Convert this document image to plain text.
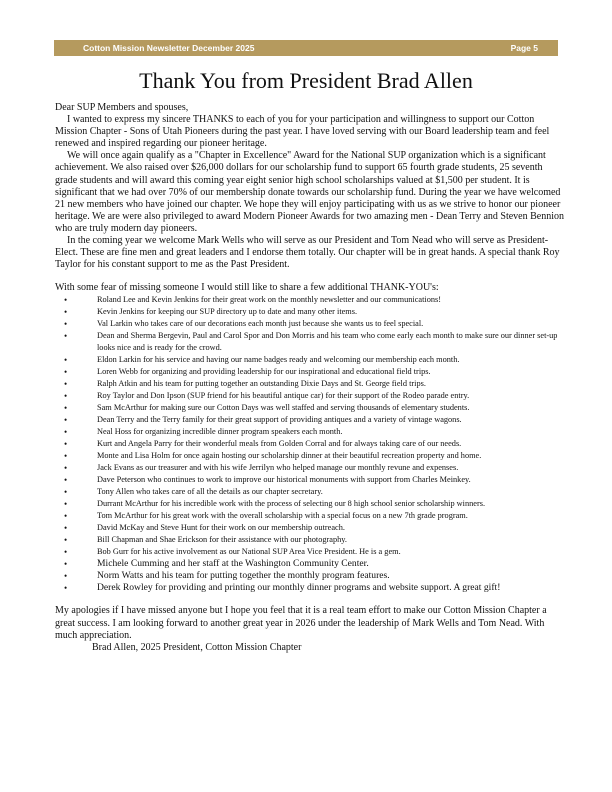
Cotton Mission Newsletter December 2025	Page 5
Thank You from President Brad Allen

Dear SUP Members and spouses,

I wanted to express my sincere THANKS to each of you for your participation and willingness to support our Cotton Mission Chapter - Sons of Utah Pioneers during the past year. I have loved serving with our Board leadership team and feel renewed and inspired regarding our pioneer heritage.

We will once again qualify as a "Chapter in Excellence" Award for the National SUP organization which is a significant achievement. We also raised over $26,000 dollars for our scholarship fund to support 65 fourth grade students, 25 seventh grade students and will award this coming year eight senior high school scholarships valued at $1,500 per student. It is significant that we had over 70% of our membership donate towards our scholarship fund. During the year we have welcomed 21 new members who have joined our chapter. We hope they will enjoy participating with us as we strive to honor our pioneer heritage. We are were also privileged to award Modern Pioneer Awards for two amazing men - Dean Terry and Steven Bennion who are truly modern day pioneers.

In the coming year we welcome Mark Wells who will serve as our President and Tom Nead who will serve as President-Elect. These are fine men and great leaders and I endorse them totally. Our chapter will be in great hands. A special thank Roy Taylor for his constant support to me as the Past President.

With some fear of missing someone I would still like to share a few additional THANK-YOU's:

• Roland Lee and Kevin Jenkins for their great work on the monthly newsletter and our communications!
• Kevin Jenkins for keeping our SUP directory up to date and many other items.
• Val Larkin who takes care of our decorations each month just because she wants us to feel special.
• Dean and Sherma Bergevin, Paul and Carol Spor and Don Morris and his team who come early each month to make sure our dinner set-up looks nice and is ready for the crowd.
• Eldon Larkin for his service and having our name badges ready and welcoming our membership each month.
• Loren Webb for organizing and providing leadership for our inspirational and educational field trips.
• Ralph Atkin and his team for putting together an outstanding Dixie Days and St. George field trips.
• Roy Taylor and Don Ipson (SUP friend for his beautiful antique car) for their support of the Rodeo parade entry.
• Sam McArthur for making sure our Cotton Days was well staffed and serving thousands of elementary students.
• Dean Terry and the Terry family for their great support of providing antiques and a variety of vintage wagons.
• Neal Hoss for organizing incredible dinner program speakers each month.
• Kurt and Angela Parry for their wonderful meals from Golden Corral and for always taking care of our needs.
• Monte and Lisa Holm for once again hosting our scholarship dinner at their beautiful recreation property and home.
• Jack Evans as our treasurer and with his wife Jerrilyn who helped manage our monthly revune and expenses.
• Dave Peterson who continues to work to improve our historical monuments with support from Charles Meinkey.
• Tony Allen who takes care of all the details as our chapter secretary.
• Durrant McArthur for his incredible work with the process of selecting our 8 high school senior scholarship winners.
• Tom McArthur for his great work with the overall scholarship with a special focus on a new 7th grade program.
• David McKay and Steve Hunt for their work on our membership outreach.
• Bill Chapman and Shae Erickson for their assistance with our photography.
• Bob Gurr for his active involvement as our National SUP Area Vice President. He is a gem.
• Michele Cumming and her staff at the Washington Community Center.
• Norm Watts and his team for putting together the monthly program features.
• Derek Rowley for providing and printing our monthly dinner programs and website support. A great gift!

My apologies if I have missed anyone but I hope you feel that it is a real team effort to make our Cotton Mission Chapter a great success. I am looking forward to another great year in 2026 under the leadership of Mark Wells and Tom Nead. With much appreciation.

Brad Allen, 2025 President, Cotton Mission Chapter
